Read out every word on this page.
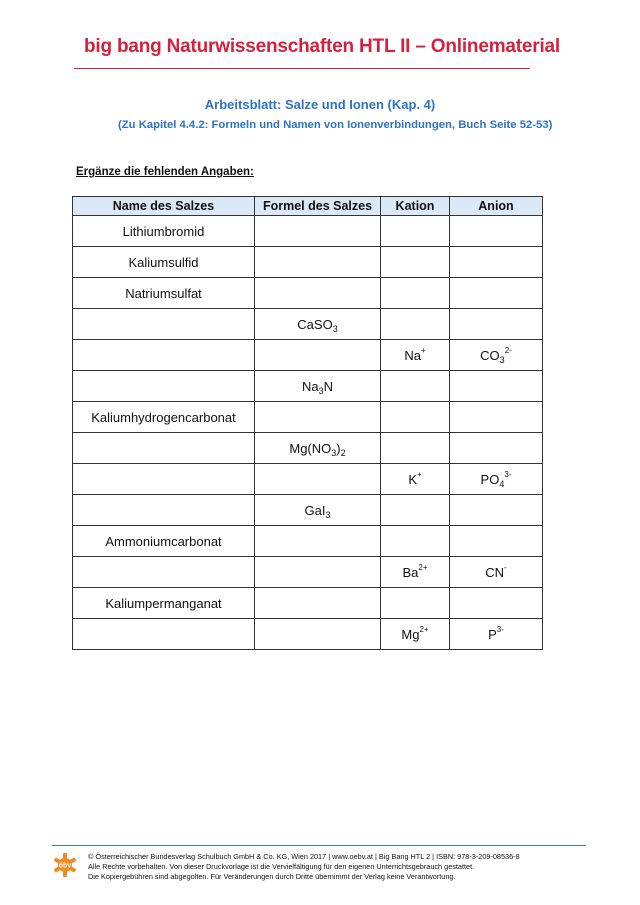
big bang Naturwissenschaften HTL II – Onlinematerial
Arbeitsblatt: Salze und Ionen (Kap. 4)
(Zu Kapitel 4.4.2: Formeln und Namen von Ionenverbindungen, Buch Seite 52-53)
Ergänze die fehlenden Angaben:
Name des Salzes	Formel des Salzes	Kation	Anion
Lithiumbromid			
Kaliumsulfid			
Natriumsulfat			
	CaSO$_3$		
		Na+	$CO_3^{2-}$
	$Na_3N$		
Kaliumhydrogencarbonat			
	$Mg(NO_3)_2$		
		K+	$PO_4^{3-}$
	GaI$_3$		
Ammoniumcarbonat			
		$Ba^{2+}$	CN-
Kaliumpermanganat			
		$Mg^{2+}$	$P^{3-}$
öbv
© Österreichischer Bundesverlag Schulbuch GmbH & Co. KG, Wien 2017 | www.oebv.at | Big Bang HTL 2 | ISBN: 978-3-209-08536-8
Alle Rechte vorbehalten. Von dieser Druckvorlage ist die Vervielfältigung für den eigenen Unterrichtsgebrauch gestattet.
Die Kopiergebühren sind abgegolten. Für Veränderungen durch Dritte übernimmt der Verlag keine Verantwortung.
